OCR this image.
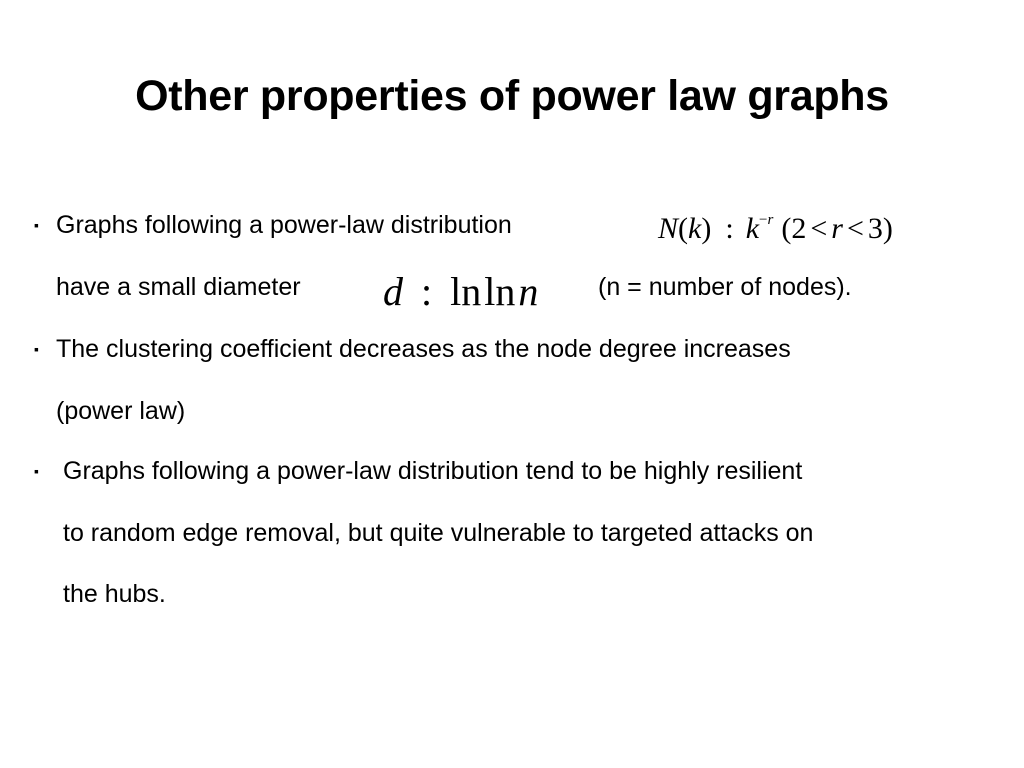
Other properties of power law graphs
▪ Graphs following a power-law distribution	N(k) : $k^{-r}$ (2 < r < 3)
have a small diameter d : lnlnn (n = number of nodes).
▪ The clustering coefficient decreases as the node degree increases
(power law)
▪ Graphs following a power-law distribution tend to be highly resilient
to random edge removal, but quite vulnerable to targeted attacks on
the hubs.
